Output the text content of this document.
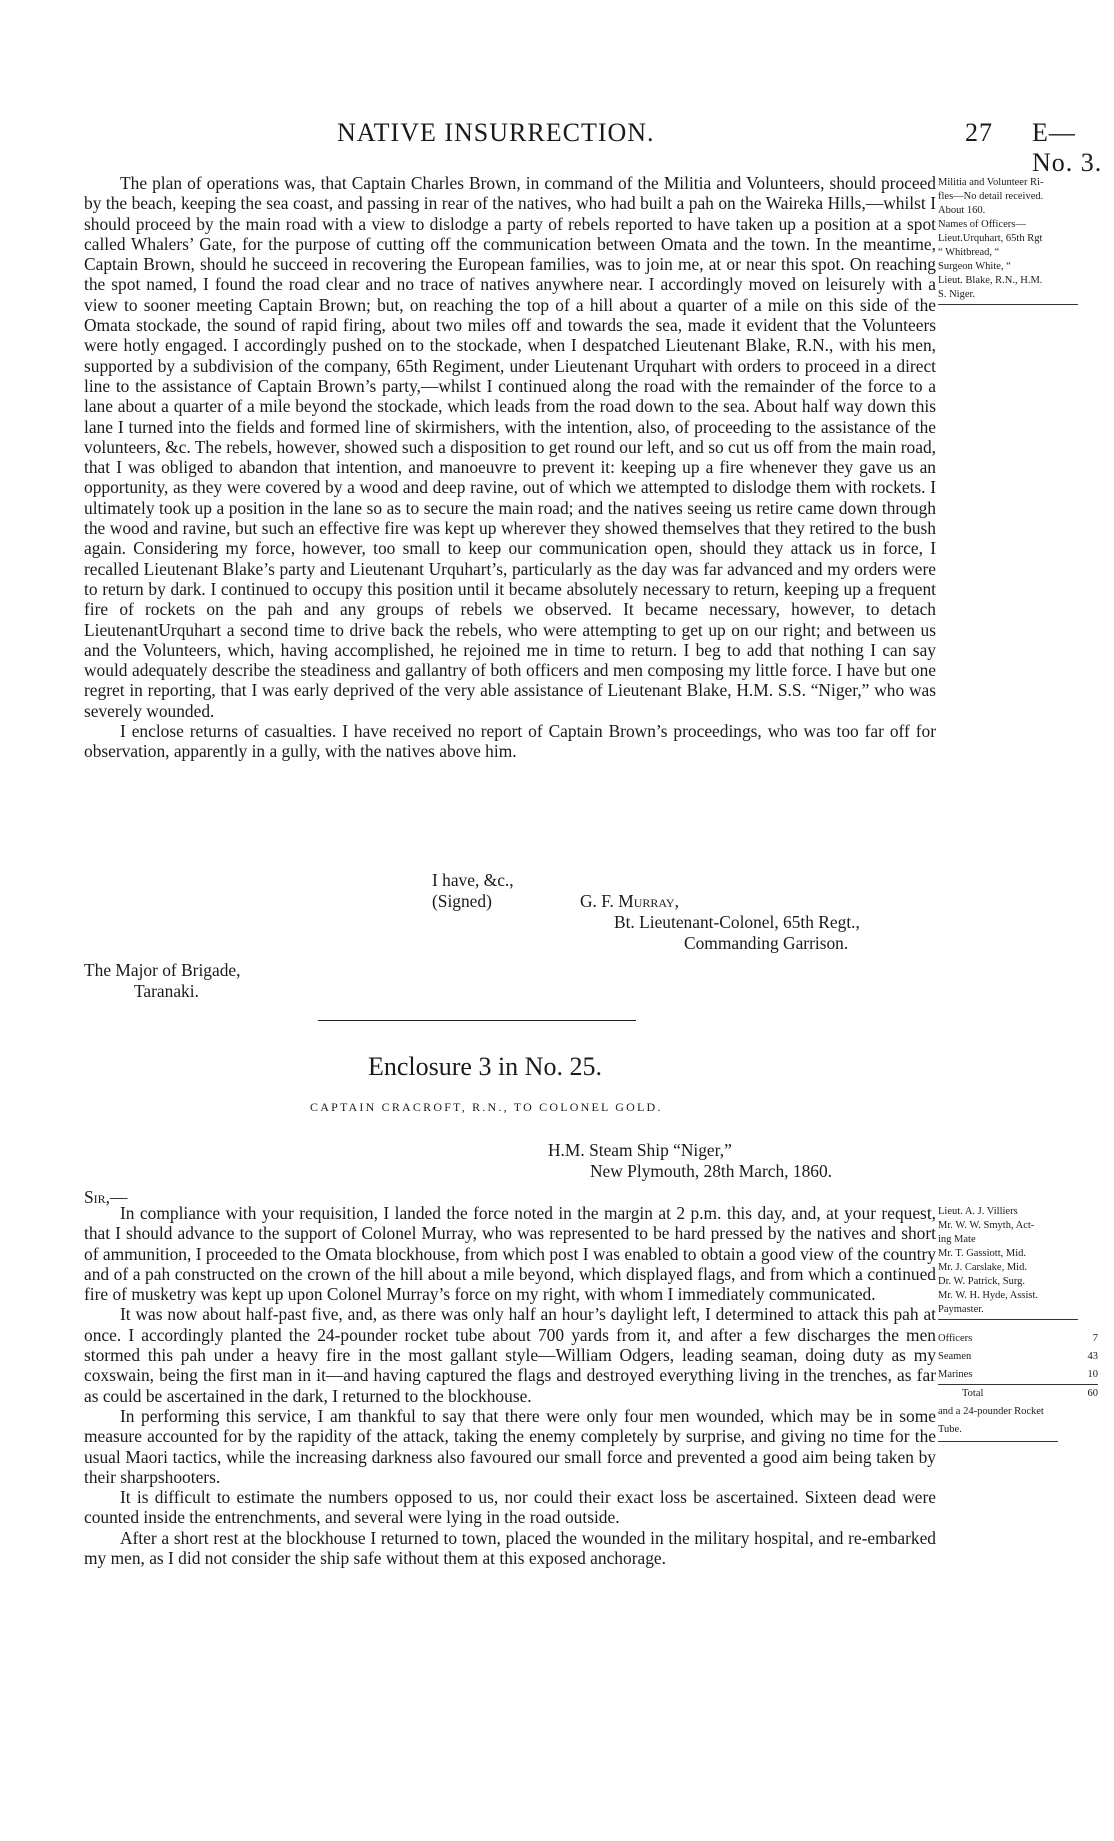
NATIVE INSURRECTION.	27 E—No. 3.

The plan of operations was, that Captain Charles Brown, in command of the Militia and Volunteers, should proceed by the beach, keeping the sea coast, and passing in rear of the natives, who had built a pah on the Waireka Hills,—whilst I should proceed by the main road with a view to dislodge a party of rebels reported to have taken up a position at a spot called Whalers’ Gate, for the purpose of cutting off the communication between Omata and the town. In the meantime, Captain Brown, should he succeed in recovering the European families, was to join me, at or near this spot. On reaching the spot named, I found the road clear and no trace of natives anywhere near. I accordingly moved on leisurely with a view to sooner meeting Captain Brown; but, on reaching the top of a hill about a quarter of a mile on this side of the Omata stockade, the sound of rapid firing, about two miles off and towards the sea, made it evident that the Volunteers were hotly engaged. I accordingly pushed on to the stockade, when I despatched Lieutenant Blake, R.N., with his men, supported by a subdivision of the company, 65th Regiment, under Lieutenant Urquhart with orders to proceed in a direct line to the assistance of Captain Brown’s party,—whilst I continued along the road with the remainder of the force to a lane about a quarter of a mile beyond the stockade, which leads from the road down to the sea. About half way down this lane I turned into the fields and formed line of skirmishers, with the intention, also, of proceeding to the assistance of the volunteers, &c. The rebels, however, showed such a disposition to get round our left, and so cut us off from the main road, that I was obliged to abandon that intention, and manoeuvre to prevent it: keeping up a fire whenever they gave us an opportunity, as they were covered by a wood and deep ravine, out of which we attempted to dislodge them with rockets. I ultimately took up a position in the lane so as to secure the main road; and the natives seeing us retire came down through the wood and ravine, but such an effective fire was kept up wherever they showed themselves that they retired to the bush again. Considering my force, however, too small to keep our communication open, should they attack us in force, I recalled Lieutenant Blake’s party and Lieutenant Urquhart’s, particularly as the day was far advanced and my orders were to return by dark. I continued to occupy this position until it became absolutely necessary to return, keeping up a frequent fire of rockets on the pah and any groups of rebels we observed. It became necessary, however, to detach LieutenantUrquhart a second time to drive back the rebels, who were attempting to get up on our right; and between us and the Volunteers, which, having accomplished, he rejoined me in time to return. I beg to add that nothing I can say would adequately describe the steadiness and gallantry of both officers and men composing my little force. I have but one regret in reporting, that I was early deprived of the very able assistance of Lieutenant Blake, H.M. S.S. “Niger,” who was severely wounded.

I enclose returns of casualties. I have received no report of Captain Brown’s proceedings, who was too far off for observation, apparently in a gully, with the natives above him.

Militia and Volunteer Ri-
fles—No detail received.
About 160.
Names of Officers—
Lieut.Urquhart, 65th Rgt
“ Whitbread, “
Surgeon White, “
Lieut. Blake, R.N., H.M.
S. Niger.
I have, &c.,
(Signed)	G. F. Murray,
Bt. Lieutenant-Colonel, 65th Regt.,
Commanding Garrison.
The Major of Brigade,
Taranaki.
Enclosure 3 in No. 25.
CAPTAIN CRACROFT, R.N., TO COLONEL GOLD.
H.M. Steam Ship “Niger,”
New Plymouth, 28th March, 1860.
Sir,—

In compliance with your requisition, I landed the force noted in the margin at 2 p.m. this day, and, at your request, that I should advance to the support of Colonel Murray, who was represented to be hard pressed by the natives and short of ammunition, I proceeded to the Omata blockhouse, from which post I was enabled to obtain a good view of the country and of a pah constructed on the crown of the hill about a mile beyond, which displayed flags, and from which a continued fire of musketry was kept up upon Colonel Murray’s force on my right, with whom I immediately communicated.

It was now about half-past five, and, as there was only half an hour’s daylight left, I determined to attack this pah at once. I accordingly planted the 24-pounder rocket tube about 700 yards from it, and after a few discharges the men stormed this pah under a heavy fire in the most gallant style—William Odgers, leading seaman, doing duty as my coxswain, being the first man in it—and having captured the flags and destroyed everything living in the trenches, as far as could be ascertained in the dark, I returned to the blockhouse.

In performing this service, I am thankful to say that there were only four men wounded, which may be in some measure accounted for by the rapidity of the attack, taking the enemy completely by surprise, and giving no time for the usual Maori tactics, while the increasing darkness also favoured our small force and prevented a good aim being taken by their sharpshooters.

It is difficult to estimate the numbers opposed to us, nor could their exact loss be ascertained. Sixteen dead were counted inside the entrenchments, and several were lying in the road outside.

After a short rest at the blockhouse I returned to town, placed the wounded in the military hospital, and re-embarked my men, as I did not consider the ship safe without them at this exposed anchorage.

Lieut. A. J. Villiers
Mr. W. W. Smyth, Act-
ing Mate
Mr. T. Gassiott, Mid.
Mr. J. Carslake, Mid.
Dr. W. Patrick, Surg.
Mr. W. H. Hyde, Assist.
Paymaster.
Officers	7
Seamen	43
Marines	10
Total	60
and a 24-pounder Rocket
Tube.
